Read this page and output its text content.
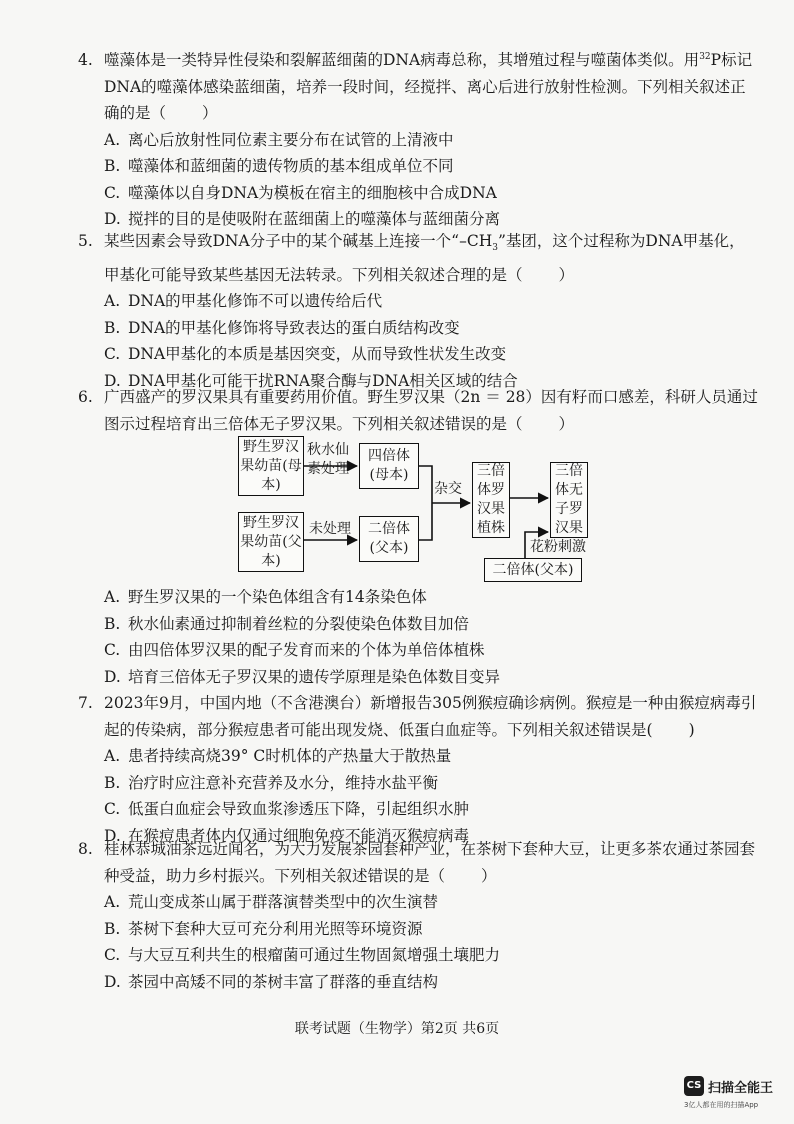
4. 噬藻体是一类特异性侵染和裂解蓝细菌的DNA病毒总称，其增殖过程与噬菌体类似。用$^{32}$P标记DNA的噬藻体感染蓝细菌，培养一段时间，经搅拌、离心后进行放射性检测。下列相关叙述正确的是（ ）
A. 离心后放射性同位素主要分布在试管的上清液中
B. 噬藻体和蓝细菌的遗传物质的基本组成单位不同
C. 噬藻体以自身DNA为模板在宿主的细胞核中合成DNA
D. 搅拌的目的是使吸附在蓝细菌上的噬藻体与蓝细菌分离
5. 某些因素会导致DNA分子中的某个碱基上连接一个“$-CH_3$”基团，这个过程称为DNA甲基化，甲基化可能导致某些基因无法转录。下列相关叙述合理的是（ ）
A. DNA的甲基化修饰不可以遗传给后代
B. DNA的甲基化修饰将导致表达的蛋白质结构改变
C. DNA甲基化的本质是基因突变，从而导致性状发生改变
D. DNA甲基化可能干扰RNA聚合酶与DNA相关区域的结合
6. 广西盛产的罗汉果具有重要药用价值。野生罗汉果（2n ＝ 28）因有籽而口感差，科研人员通过图示过程培育出三倍体无子罗汉果。下列相关叙述错误的是（ ）
野生罗汉果幼苗(母本)
秋水仙素处理
四倍体(母本)
野生罗汉果幼苗(父本)
未处理	二倍体(父本)
杂交
三倍体罗汉果植株
三倍体无子罗汉果
花粉刺激
二倍体(父本)
A. 野生罗汉果的一个染色体组含有14条染色体
B. 秋水仙素通过抑制着丝粒的分裂使染色体数目加倍
C. 由四倍体罗汉果的配子发育而来的个体为单倍体植株
D. 培育三倍体无子罗汉果的遗传学原理是染色体数目变异
7. 2023年9月，中国内地（不含港澳台）新增报告305例猴痘确诊病例。猴痘是一种由猴痘病毒引起的传染病，部分猴痘患者可能出现发烧、低蛋白血症等。下列相关叙述错误是( )
A. 患者持续高烧39° C时机体的产热量大于散热量
B. 治疗时应注意补充营养及水分，维持水盐平衡
C. 低蛋白血症会导致血浆渗透压下降，引起组织水肿
D. 在猴痘患者体内仅通过细胞免疫不能消灭猴痘病毒
8. 桂林恭城油茶远近闻名，为大力发展茶园套种产业，在茶树下套种大豆，让更多茶农通过茶园套种受益，助力乡村振兴。下列相关叙述错误的是（ ）
A. 荒山变成茶山属于群落演替类型中的次生演替
B. 茶树下套种大豆可充分利用光照等环境资源
C. 与大豆互利共生的根瘤菌可通过生物固氮增强土壤肥力
D. 茶园中高矮不同的茶树丰富了群落的垂直结构
联考试题（生物学）第2页 共6页
CS 扫描全能王
3亿人都在用的扫描App
